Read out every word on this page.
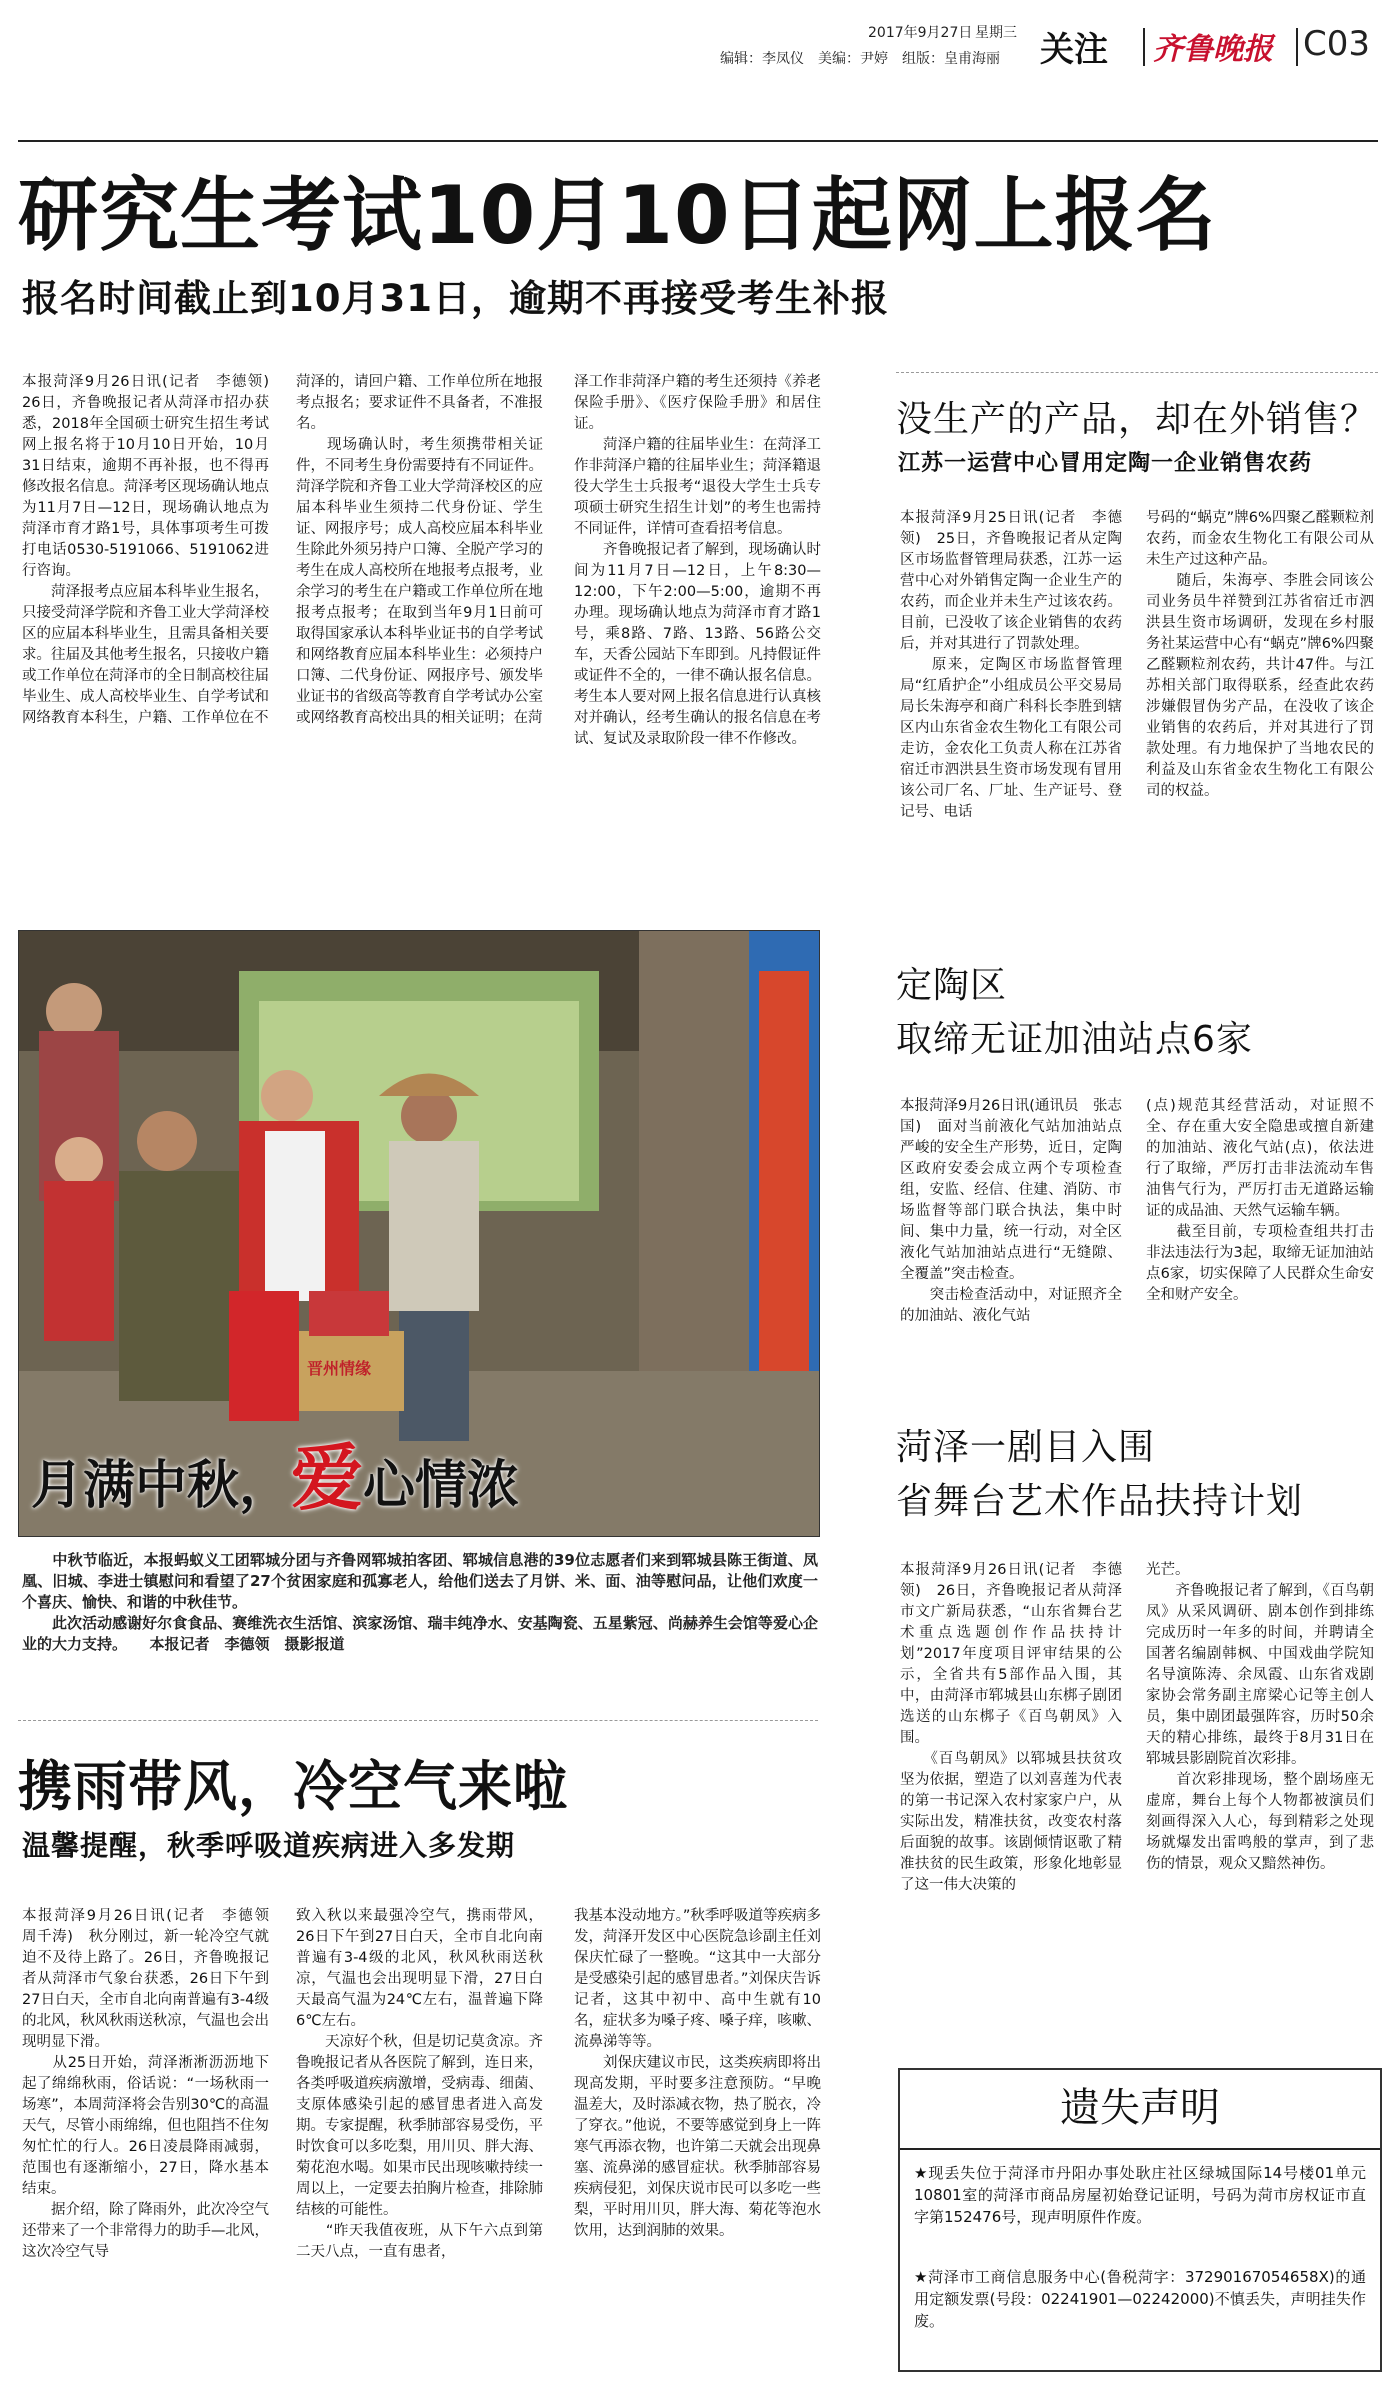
2017年9月27日 星期三
编辑：李凤仪　美编：尹婷　组版：皇甫海丽 关注 齐鲁晚报 C03
研究生考试10月10日起网上报名
报名时间截止到10月31日，逾期不再接受考生补报
本报菏泽9月26日讯(记者　李德领)　26日，齐鲁晚报记者从菏泽市招办获悉，2018年全国硕士研究生招生考试网上报名将于10月10日开始，10月31日结束，逾期不再补报，也不得再修改报名信息。菏泽考区现场确认地点为11月7日—12日，现场确认地点为菏泽市育才路1号，具体事项考生可拨打电话0530-5191066、5191062进行咨询。
　　菏泽报考点应届本科毕业生报名，只接受菏泽学院和齐鲁工业大学菏泽校区的应届本科毕业生，且需具备相关要求。往届及其他考生报名，只接收户籍或工作单位在菏泽市的全日制高校往届毕业生、成人高校毕业生、自学考试和网络教育本科生，户籍、工作单位在不
菏泽的，请回户籍、工作单位所在地报考点报名；要求证件不具备者，不准报名。
　　现场确认时，考生须携带相关证件，不同考生身份需要持有不同证件。菏泽学院和齐鲁工业大学菏泽校区的应届本科毕业生须持二代身份证、学生证、网报序号；成人高校应届本科毕业生除此外须另持户口簿、全脱产学习的考生在成人高校所在地报考点报考，业余学习的考生在户籍或工作单位所在地报考点报考；在取到当年9月1日前可取得国家承认本科毕业证书的自学考试和网络教育应届本科毕业生：必须持户口簿、二代身份证、网报序号、颁发毕业证书的省级高等教育自学考试办公室或网络教育高校出具的相关证明；在菏
泽工作非菏泽户籍的考生还须持《养老保险手册》、《医疗保险手册》和居住证。
　　菏泽户籍的往届毕业生：在菏泽工作非菏泽户籍的往届毕业生；菏泽籍退役大学生士兵报考“退役大学生士兵专项硕士研究生招生计划”的考生也需持不同证件，详情可查看招考信息。
　　齐鲁晚报记者了解到，现场确认时间为11月7日—12日，上午8:30—12:00，下午2:00—5:00，逾期不再办理。现场确认地点为菏泽市育才路1号，乘8路、7路、13路、56路公交车，天香公园站下车即到。凡持假证件或证件不全的，一律不确认报名信息。考生本人要对网上报名信息进行认真核对并确认，经考生确认的报名信息在考试、复试及录取阶段一律不作修改。
没生产的产品，却在外销售？
江苏一运营中心冒用定陶一企业销售农药
本报菏泽9月25日讯(记者　李德领)　25日，齐鲁晚报记者从定陶区市场监督管理局获悉，江苏一运营中心对外销售定陶一企业生产的农药，而企业并未生产过该农药。目前，已没收了该企业销售的农药后，并对其进行了罚款处理。
　　原来，定陶区市场监督管理局“红盾护企”小组成员公平交易局局长朱海亭和商广科科长李胜到辖区内山东省金农生物化工有限公司走访，金农化工负责人称在江苏省宿迁市泗洪县生资市场发现有冒用该公司厂名、厂址、生产证号、登记号、电话
号码的“蜗克”牌6%四聚乙醛颗粒剂农药，而金农生物化工有限公司从未生产过这种产品。
　　随后，朱海亭、李胜会同该公司业务员牛祥赞到江苏省宿迁市泗洪县生资市场调研，发现在乡村服务社某运营中心有“蜗克”牌6%四聚乙醛颗粒剂农药，共计47件。与江苏相关部门取得联系，经查此农药涉嫌假冒伪劣产品，在没收了该企业销售的农药后，并对其进行了罚款处理。有力地保护了当地农民的利益及山东省金农生物化工有限公司的权益。
定陶区
取缔无证加油站点6家
本报菏泽9月26日讯(通讯员　张志国)　面对当前液化气站加油站点严峻的安全生产形势，近日，定陶区政府安委会成立两个专项检查组，安监、经信、住建、消防、市场监督等部门联合执法，集中时间、集中力量，统一行动，对全区液化气站加油站点进行“无缝隙、全覆盖”突击检查。
　　突击检查活动中，对证照齐全的加油站、液化气站
(点)规范其经营活动，对证照不全、存在重大安全隐患或擅自新建的加油站、液化气站(点)，依法进行了取缔，严厉打击非法流动车售油售气行为，严厉打击无道路运输证的成品油、天然气运输车辆。
　　截至目前，专项检查组共打击非法违法行为3起，取缔无证加油站点6家，切实保障了人民群众生命安全和财产安全。
菏泽一剧目入围
省舞台艺术作品扶持计划
本报菏泽9月26日讯(记者　李德领)　26日，齐鲁晚报记者从菏泽市文广新局获悉，“山东省舞台艺术重点选题创作作品扶持计划”2017年度项目评审结果的公示，全省共有5部作品入围，其中，由菏泽市郓城县山东梆子剧团选送的山东梆子《百鸟朝凤》入围。
　　《百鸟朝凤》以郓城县扶贫攻坚为依据，塑造了以刘喜莲为代表的第一书记深入农村家家户户，从实际出发，精准扶贫，改变农村落后面貌的故事。该剧倾情讴歌了精准扶贫的民生政策，形象化地彰显了这一伟大决策的
光芒。
　　齐鲁晚报记者了解到，《百鸟朝凤》从采风调研、剧本创作到排练完成历时一年多的时间，并聘请全国著名编剧韩枫、中国戏曲学院知名导演陈涛、余凤霞、山东省戏剧家协会常务副主席梁心记等主创人员，集中剧团最强阵容，历时50余天的精心排练，最终于8月31日在郓城县影剧院首次彩排。
　　首次彩排现场，整个剧场座无虚席，舞台上每个人物都被演员们刻画得深入人心，每到精彩之处现场就爆发出雷鸣般的掌声，到了悲伤的情景，观众又黯然神伤。
晋州情缘
月满中秋，爱心情浓
　　中秋节临近，本报蚂蚁义工团郓城分团与齐鲁网郓城拍客团、郓城信息港的39位志愿者们来到郓城县陈王街道、凤凰、旧城、李进士镇慰问和看望了27个贫困家庭和孤寡老人，给他们送去了月饼、米、面、油等慰问品，让他们欢度一个喜庆、愉快、和谐的中秋佳节。
　　此次活动感谢好尔食食品、赛维洗衣生活馆、滨家汤馆、瑞丰纯净水、安基陶瓷、五星紫冠、尚赫养生会馆等爱心企业的大力支持。　　本报记者　李德领　摄影报道
携雨带风，冷空气来啦
温馨提醒，秋季呼吸道疾病进入多发期
本报菏泽9月26日讯(记者　李德领　周千涛)　秋分刚过，新一轮冷空气就迫不及待上路了。26日，齐鲁晚报记者从菏泽市气象台获悉，26日下午到27日白天，全市自北向南普遍有3-4级的北风，秋风秋雨送秋凉，气温也会出现明显下滑。
　　从25日开始，菏泽淅淅沥沥地下起了绵绵秋雨，俗话说：“一场秋雨一场寒”，本周菏泽将会告别30℃的高温天气，尽管小雨绵绵，但也阻挡不住匆匆忙忙的行人。26日凌晨降雨减弱，范围也有逐渐缩小，27日，降水基本结束。
　　据介绍，除了降雨外，此次冷空气还带来了一个非常得力的助手—北风，这次冷空气导
致入秋以来最强冷空气，携雨带风，26日下午到27日白天，全市自北向南普遍有3-4级的北风，秋风秋雨送秋凉，气温也会出现明显下滑，27日白天最高气温为24℃左右，温普遍下降6℃左右。
　　天凉好个秋，但是切记莫贪凉。齐鲁晚报记者从各医院了解到，连日来，各类呼吸道疾病激增，受病毒、细菌、支原体感染引起的感冒患者进入高发期。专家提醒，秋季肺部容易受伤，平时饮食可以多吃梨，用川贝、胖大海、菊花泡水喝。如果市民出现咳嗽持续一周以上，一定要去拍胸片检查，排除肺结核的可能性。
　　“昨天我值夜班，从下午六点到第二天八点，一直有患者，
我基本没动地方。”秋季呼吸道等疾病多发，菏泽开发区中心医院急诊副主任刘保庆忙碌了一整晚。“这其中一大部分是受感染引起的感冒患者。”刘保庆告诉记者，这其中初中、高中生就有10名，症状多为嗓子疼、嗓子痒，咳嗽、流鼻涕等等。
　　刘保庆建议市民，这类疾病即将出现高发期，平时要多注意预防。“早晚温差大，及时添减衣物，热了脱衣，冷了穿衣。”他说，不要等感觉到身上一阵寒气再添衣物，也许第二天就会出现鼻塞、流鼻涕的感冒症状。秋季肺部容易疾病侵犯，刘保庆说市民可以多吃一些梨，平时用川贝，胖大海、菊花等泡水饮用，达到润肺的效果。
遗失声明
★现丢失位于菏泽市丹阳办事处耿庄社区绿城国际14号楼01单元10801室的菏泽市商品房屋初始登记证明，号码为菏市房权证市直字第152476号，现声明原件作废。
★菏泽市工商信息服务中心(鲁税菏字：37290167054658X)的通用定额发票(号段：02241901—02242000)不慎丢失，声明挂失作废。
